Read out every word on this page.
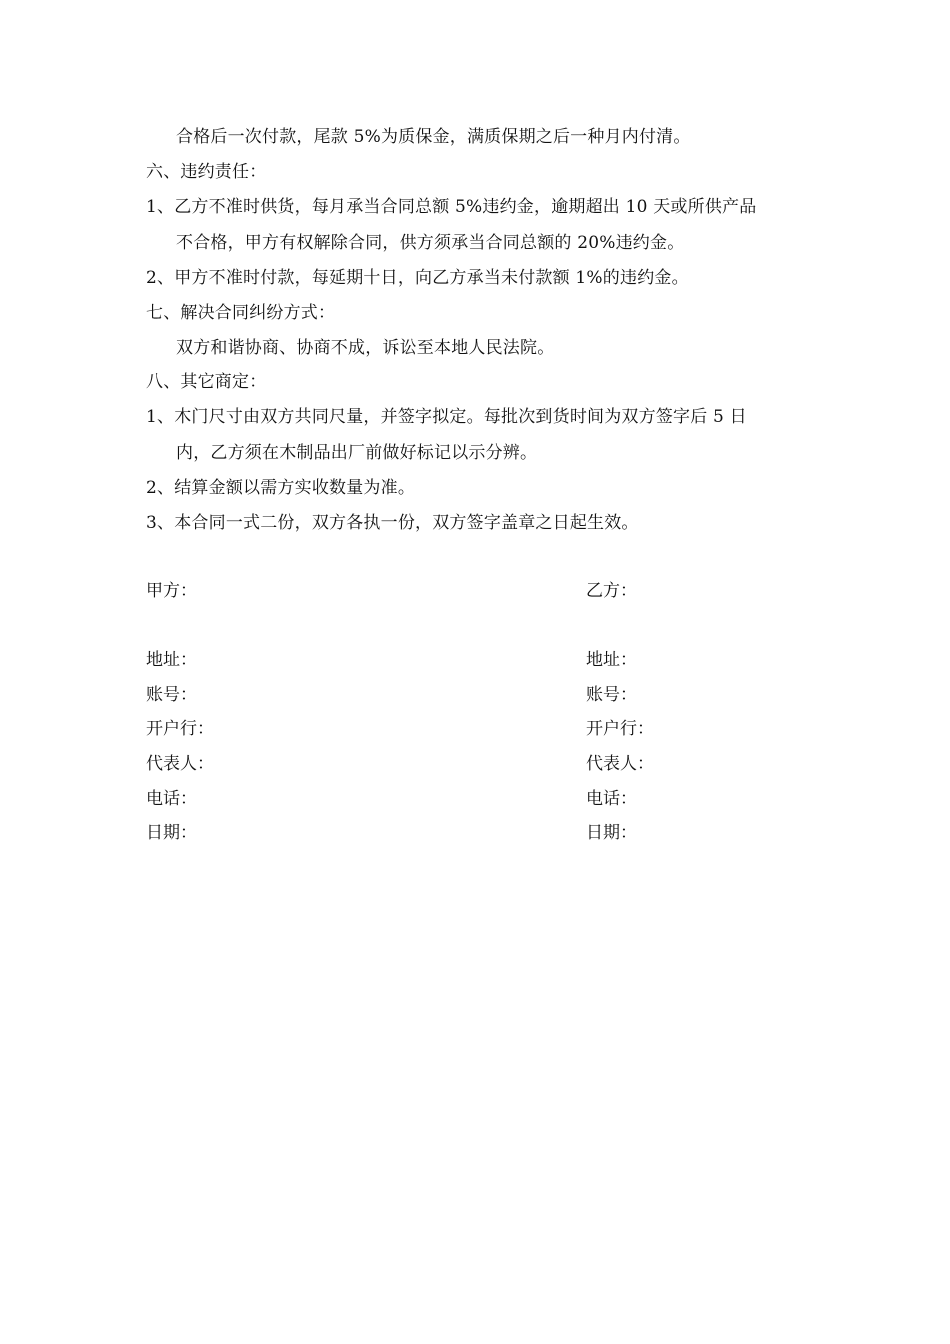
合格后一次付款，尾款 5%为质保金，满质保期之后一种月内付清。
六、违约责任：
1、乙方不准时供货，每月承当合同总额 5%违约金，逾期超出 10 天或所供产品
不合格，甲方有权解除合同，供方须承当合同总额的 20%违约金。
2、甲方不准时付款，每延期十日，向乙方承当未付款额 1%的违约金。
七、解决合同纠纷方式：
双方和谐协商、协商不成，诉讼至本地人民法院。
八、其它商定：
1、木门尺寸由双方共同尺量，并签字拟定。每批次到货时间为双方签字后 5 日
内，乙方须在木制品出厂前做好标记以示分辨。
2、结算金额以需方实收数量为准。
3、本合同一式二份，双方各执一份，双方签字盖章之日起生效。
甲方：
地址：
账号：
开户行：
代表人：
电话：
日期：
乙方：
地址：
账号：
开户行：
代表人：
电话：
日期：
